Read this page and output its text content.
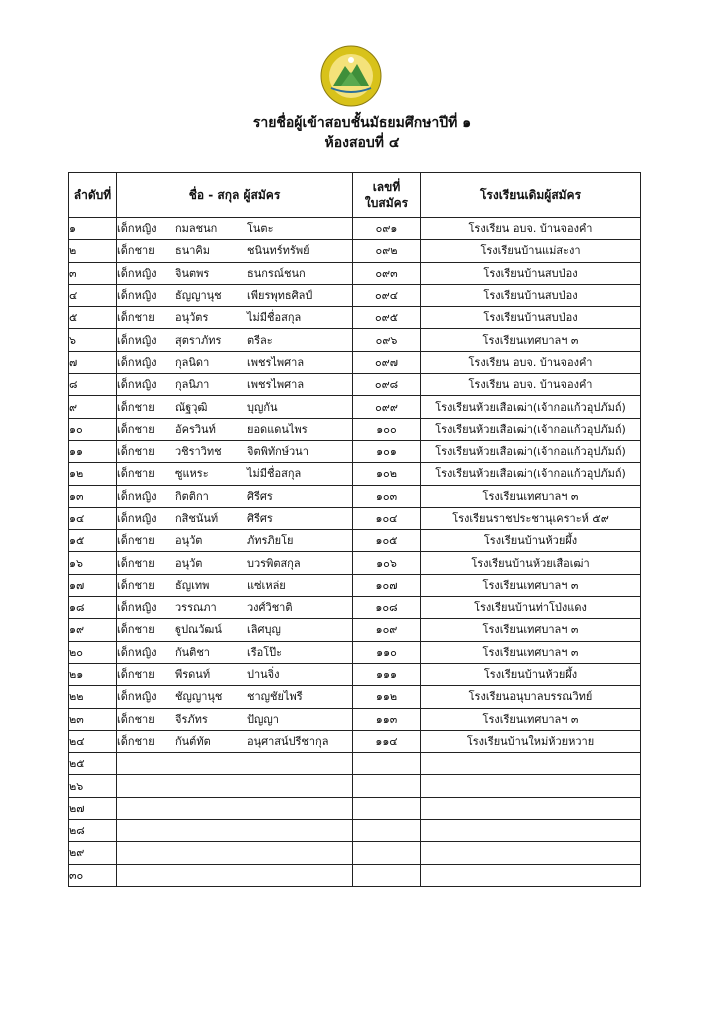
รายชื่อผู้เข้าสอบชั้นมัธยมศึกษาปีที่ ๑
ห้องสอบที่ ๔
ลำดับที่	ชื่อ - สกุล ผู้สมัคร	เลขที่
ใบสมัคร	โรงเรียนเดิมผู้สมัคร
๑	เด็กหญิง กมลชนก โนตะ	๐๙๑	โรงเรียน อบจ. บ้านจองคำ
๒	เด็กชาย ธนาคิม ชนินทร์ทรัพย์	๐๙๒	โรงเรียนบ้านแม่สะงา
๓	เด็กหญิง จินตพร ธนกรณ์ชนก	๐๙๓	โรงเรียนบ้านสบป่อง
๔	เด็กหญิง ธัญญานุช เพียรพุทธศิลป์	๐๙๔	โรงเรียนบ้านสบป่อง
๕	เด็กชาย อนุวัตร ไม่มีชื่อสกุล	๐๙๕	โรงเรียนบ้านสบป่อง
๖	เด็กหญิง สุตราภัทร ตรีละ	๐๙๖	โรงเรียนเทศบาลฯ ๓
๗	เด็กหญิง กุลนิดา เพชรไพศาล	๐๙๗	โรงเรียน อบจ. บ้านจองคำ
๘	เด็กหญิง กุลนิภา เพชรไพศาล	๐๙๘	โรงเรียน อบจ. บ้านจองคำ
๙	เด็กชาย ณัฐวุฒิ บุญกัน	๐๙๙	โรงเรียนห้วยเสือเฒ่า(เจ้ากอแก้วอุปภัมถ์)
๑๐	เด็กชาย อัครวินท์ ยอดแดนไพร	๑๐๐	โรงเรียนห้วยเสือเฒ่า(เจ้ากอแก้วอุปภัมถ์)
๑๑	เด็กชาย วชิราวิทช จิตพิทักษ์วนา	๑๐๑	โรงเรียนห้วยเสือเฒ่า(เจ้ากอแก้วอุปภัมถ์)
๑๒	เด็กชาย ซูแหระ ไม่มีชื่อสกุล	๑๐๒	โรงเรียนห้วยเสือเฒ่า(เจ้ากอแก้วอุปภัมถ์)
๑๓	เด็กหญิง กิตติกา ศิรีศร	๑๐๓	โรงเรียนเทศบาลฯ ๓
๑๔	เด็กหญิง กสิชนันท์ ศิรีศร	๑๐๔	โรงเรียนราชประชานุเคราะห์ ๕๙
๑๕	เด็กชาย อนุวัต ภัทรภิยโย	๑๐๕	โรงเรียนบ้านห้วยผึ้ง
๑๖	เด็กชาย อนุวัต บวรพิตสกุล	๑๐๖	โรงเรียนบ้านห้วยเสือเฒ่า
๑๗	เด็กชาย ธัญเทพ แซ่เหล่ย	๑๐๗	โรงเรียนเทศบาลฯ ๓
๑๘	เด็กหญิง วรรณภา วงศ์วิชาติ	๑๐๘	โรงเรียนบ้านท่าโป่งแดง
๑๙	เด็กชาย ฐูปณวัฒน์ เลิศบุญ	๑๐๙	โรงเรียนเทศบาลฯ ๓
๒๐	เด็กหญิง กันติชา เรือโป๊ะ	๑๑๐	โรงเรียนเทศบาลฯ ๓
๒๑	เด็กชาย พีรดนท์ ปานจิ่ง	๑๑๑	โรงเรียนบ้านห้วยผึ้ง
๒๒	เด็กหญิง ชัญญานุช ชาญชัยไพรี	๑๑๒	โรงเรียนอนุบาลบรรณวิทย์
๒๓	เด็กชาย จีรภัทร ปัญญา	๑๑๓	โรงเรียนเทศบาลฯ ๓
๒๔	เด็กชาย กันต์ทัต อนุศาสน์ปรีชากุล	๑๑๔	โรงเรียนบ้านใหม่ห้วยหวาย
๒๕	

๒๖	

๒๗	

๒๘	

๒๙	

๓๐	
